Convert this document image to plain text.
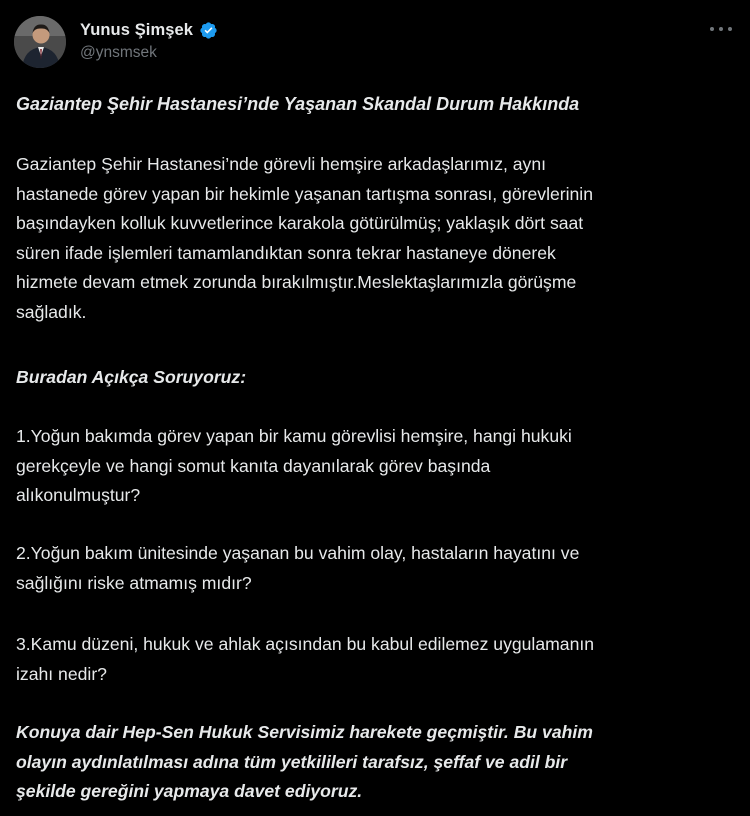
Yunus Şimşek
@ynsmsek
Gaziantep Şehir Hastanesi’nde Yaşanan Skandal Durum Hakkında

Gaziantep Şehir Hastanesi’nde görevli hemşire arkadaşlarımız, aynı

hastanede görev yapan bir hekimle yaşanan tartışma sonrası, görevlerinin

başındayken kolluk kuvvetlerince karakola götürülmüş; yaklaşık dört saat

süren ifade işlemleri tamamlandıktan sonra tekrar hastaneye dönerek

hizmete devam etmek zorunda bırakılmıştır.Meslektaşlarımızla görüşme

sağladık.

Buradan Açıkça Soruyoruz:

1.Yoğun bakımda görev yapan bir kamu görevlisi hemşire, hangi hukuki

gerekçeyle ve hangi somut kanıta dayanılarak görev başında

alıkonulmuştur?

2.Yoğun bakım ünitesinde yaşanan bu vahim olay, hastaların hayatını ve

sağlığını riske atmamış mıdır?

3.Kamu düzeni, hukuk ve ahlak açısından bu kabul edilemez uygulamanın

izahı nedir?

Konuya dair Hep-Sen Hukuk Servisimiz harekete geçmiştir. Bu vahim

olayın aydınlatılması adına tüm yetkilileri tarafsız, şeffaf ve adil bir

şekilde gereğini yapmaya davet ediyoruz.
